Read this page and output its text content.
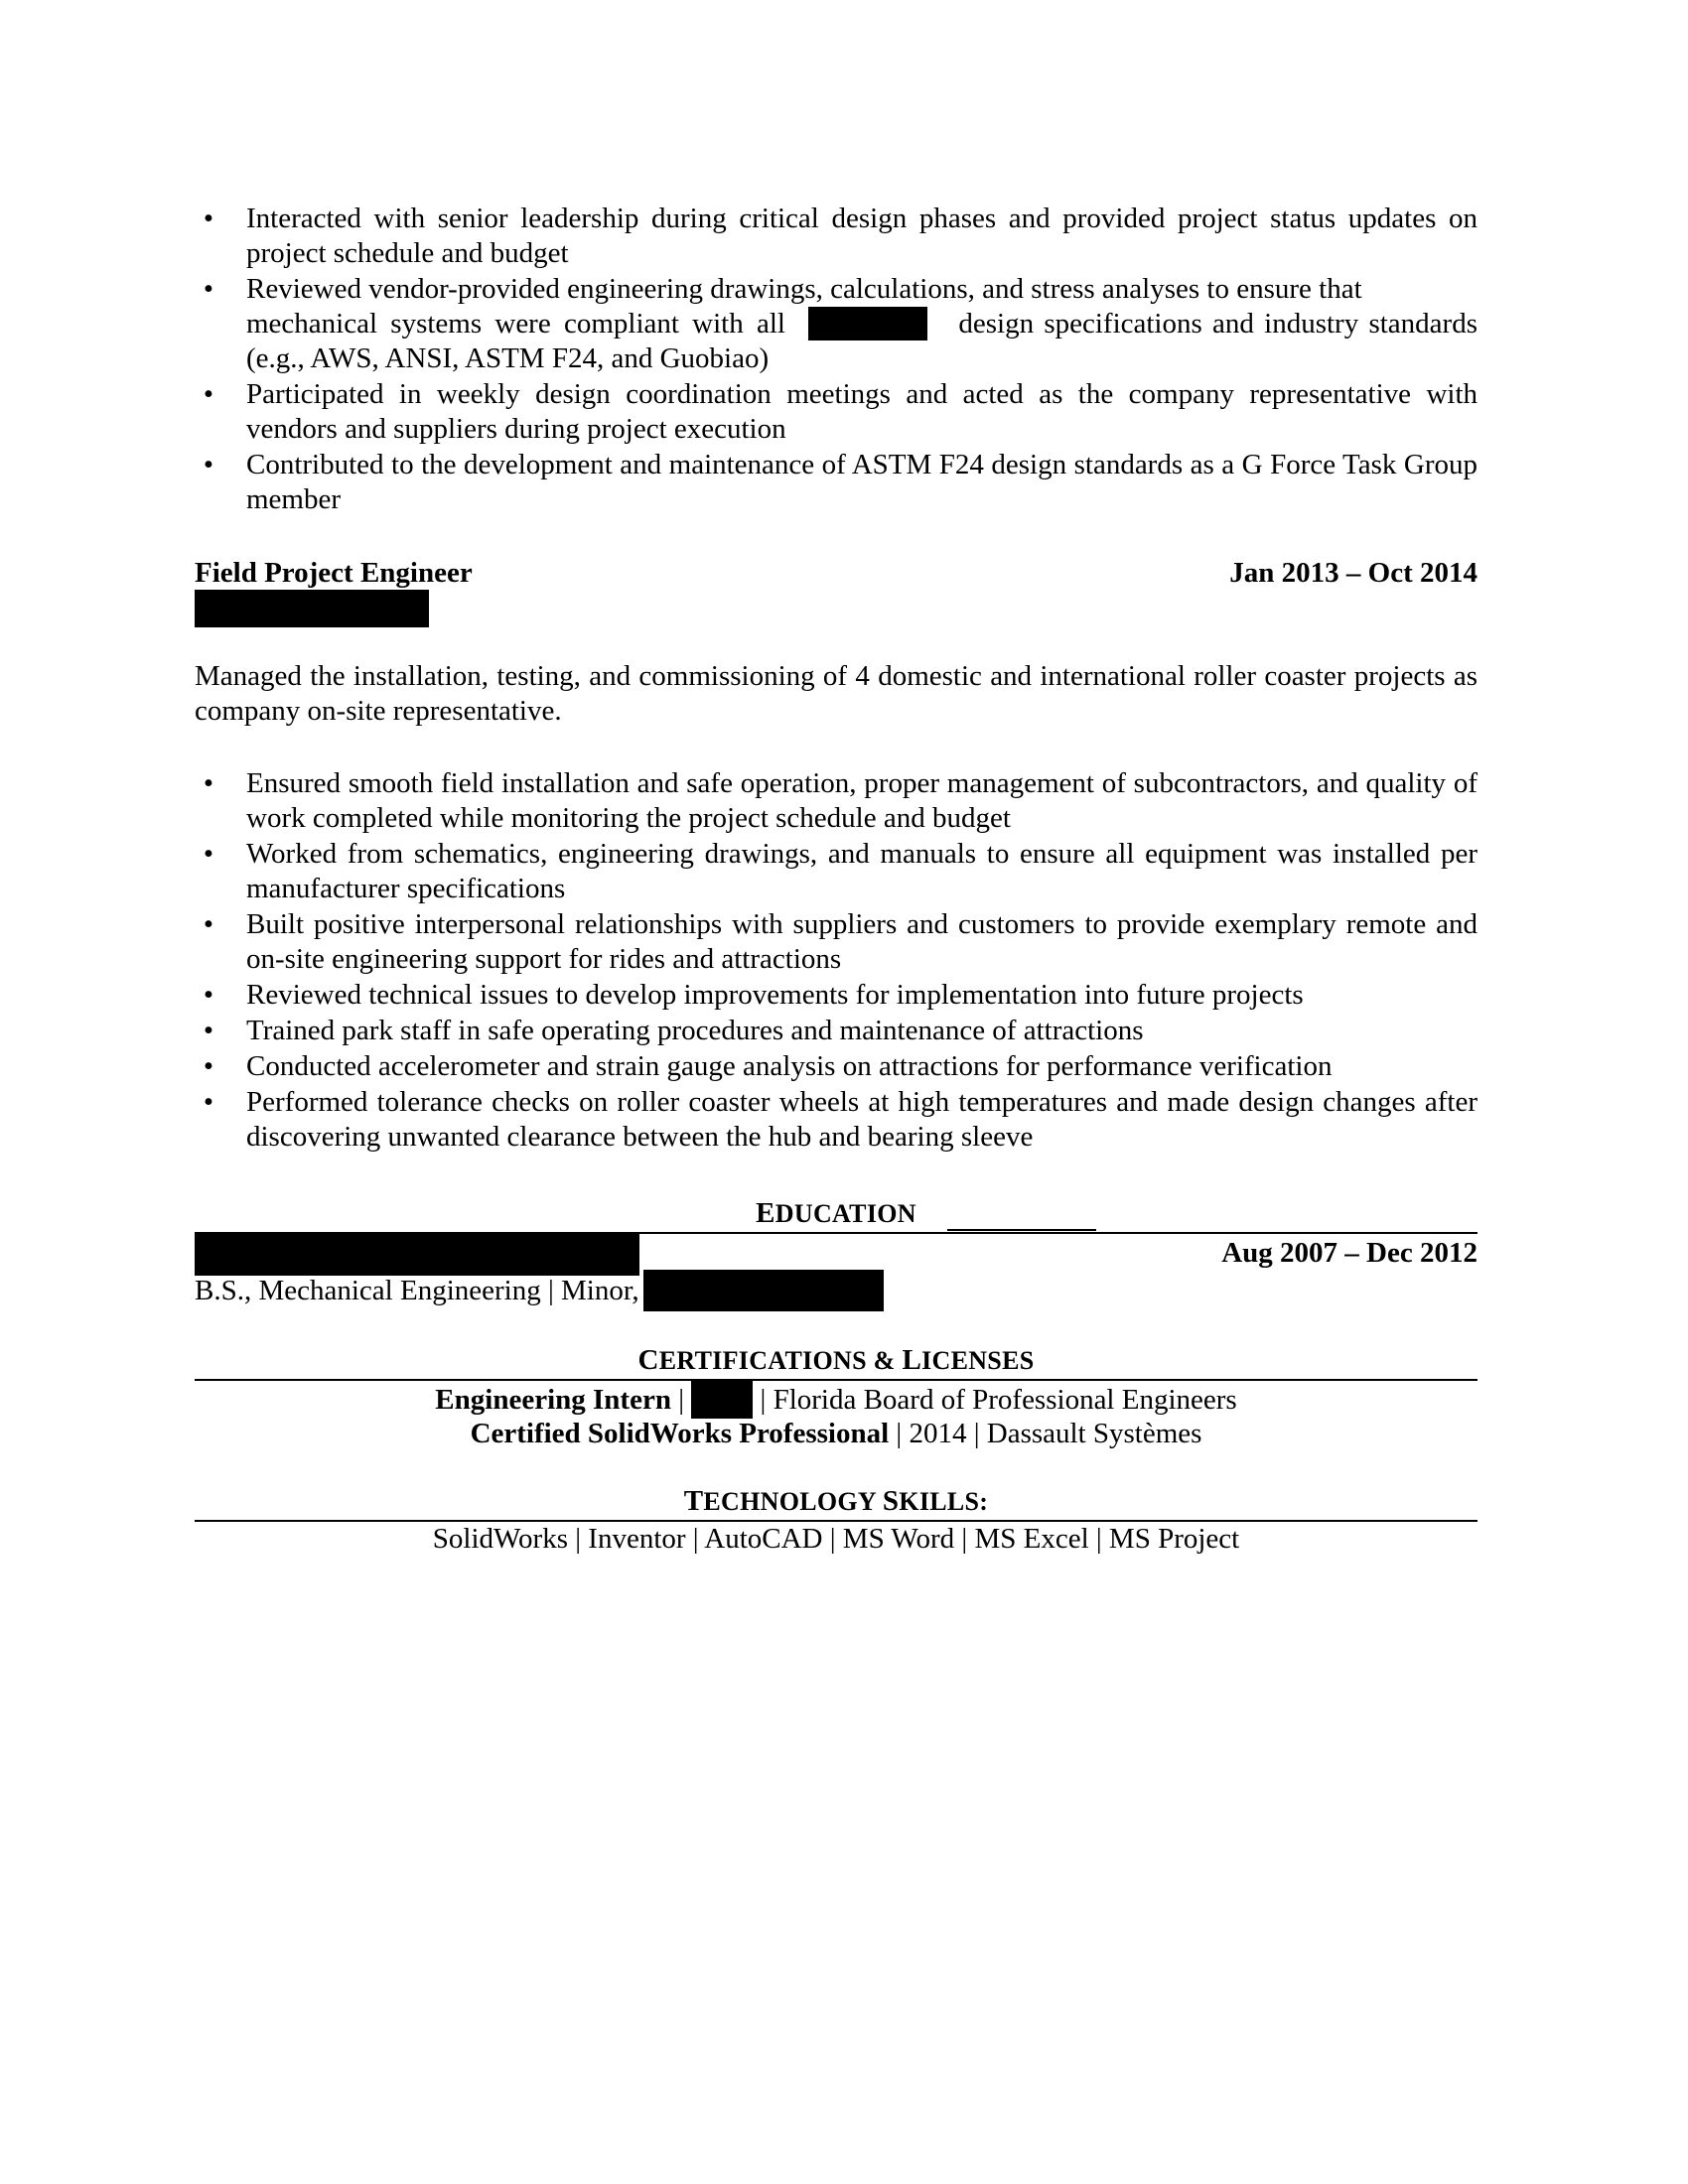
• Interacted with senior leadership during critical design phases and provided project status updates on project schedule and budget
• Reviewed vendor-provided engineering drawings, calculations, and stress analyses to ensure that

mechanical systems were compliant with all	design specifications and industry standards
(e.g., AWS, ANSI, ASTM F24, and Guobiao)
• Participated in weekly design coordination meetings and acted as the company representative with vendors and suppliers during project execution
• Contributed to the development and maintenance of ASTM F24 design standards as a G Force Task Group member
Field Project Engineer	Jan 2013 – Oct 2014
Managed the installation, testing, and commissioning of 4 domestic and international roller coaster projects as company on-site representative.
• Ensured smooth field installation and safe operation, proper management of subcontractors, and quality of work completed while monitoring the project schedule and budget
• Worked from schematics, engineering drawings, and manuals to ensure all equipment was installed per manufacturer specifications
• Built positive interpersonal relationships with suppliers and customers to provide exemplary remote and on-site engineering support for rides and attractions
• Reviewed technical issues to develop improvements for implementation into future projects
• Trained park staff in safe operating procedures and maintenance of attractions
• Conducted accelerometer and strain gauge analysis on attractions for performance verification
• Performed tolerance checks on roller coaster wheels at high temperatures and made design changes after discovering unwanted clearance between the hub and bearing sleeve
EDUCATION
Aug 2007 – Dec 2012
B.S., Mechanical Engineering | Minor,
CERTIFICATIONS & LICENSES
Engineering Intern | | Florida Board of Professional Engineers
Certified SolidWorks Professional | 2014 | Dassault Systèmes
TECHNOLOGY SKILLS:
SolidWorks | Inventor | AutoCAD | MS Word | MS Excel | MS Project
